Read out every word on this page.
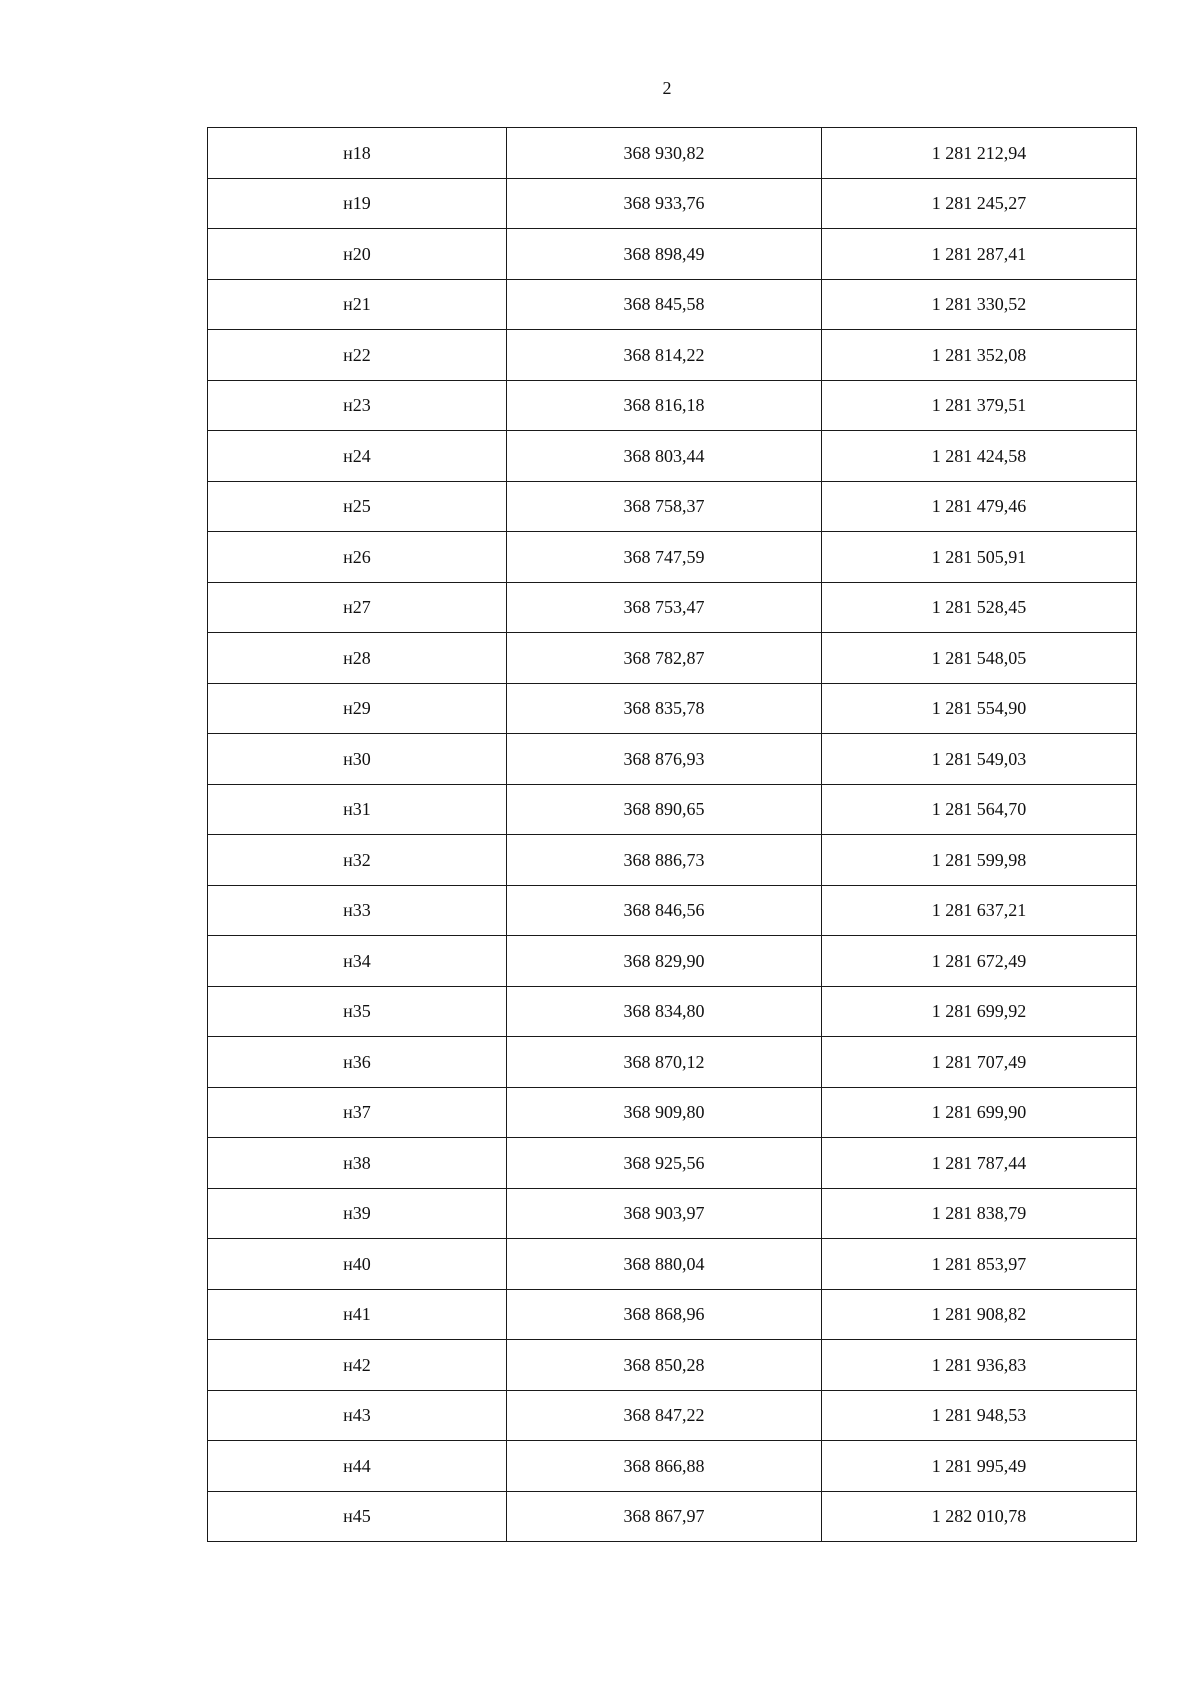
2
н18	368 930,82	1 281 212,94
н19	368 933,76	1 281 245,27
н20	368 898,49	1 281 287,41
н21	368 845,58	1 281 330,52
н22	368 814,22	1 281 352,08
н23	368 816,18	1 281 379,51
н24	368 803,44	1 281 424,58
н25	368 758,37	1 281 479,46
н26	368 747,59	1 281 505,91
н27	368 753,47	1 281 528,45
н28	368 782,87	1 281 548,05
н29	368 835,78	1 281 554,90
н30	368 876,93	1 281 549,03
н31	368 890,65	1 281 564,70
н32	368 886,73	1 281 599,98
н33	368 846,56	1 281 637,21
н34	368 829,90	1 281 672,49
н35	368 834,80	1 281 699,92
н36	368 870,12	1 281 707,49
н37	368 909,80	1 281 699,90
н38	368 925,56	1 281 787,44
н39	368 903,97	1 281 838,79
н40	368 880,04	1 281 853,97
н41	368 868,96	1 281 908,82
н42	368 850,28	1 281 936,83
н43	368 847,22	1 281 948,53
н44	368 866,88	1 281 995,49
н45	368 867,97	1 282 010,78
